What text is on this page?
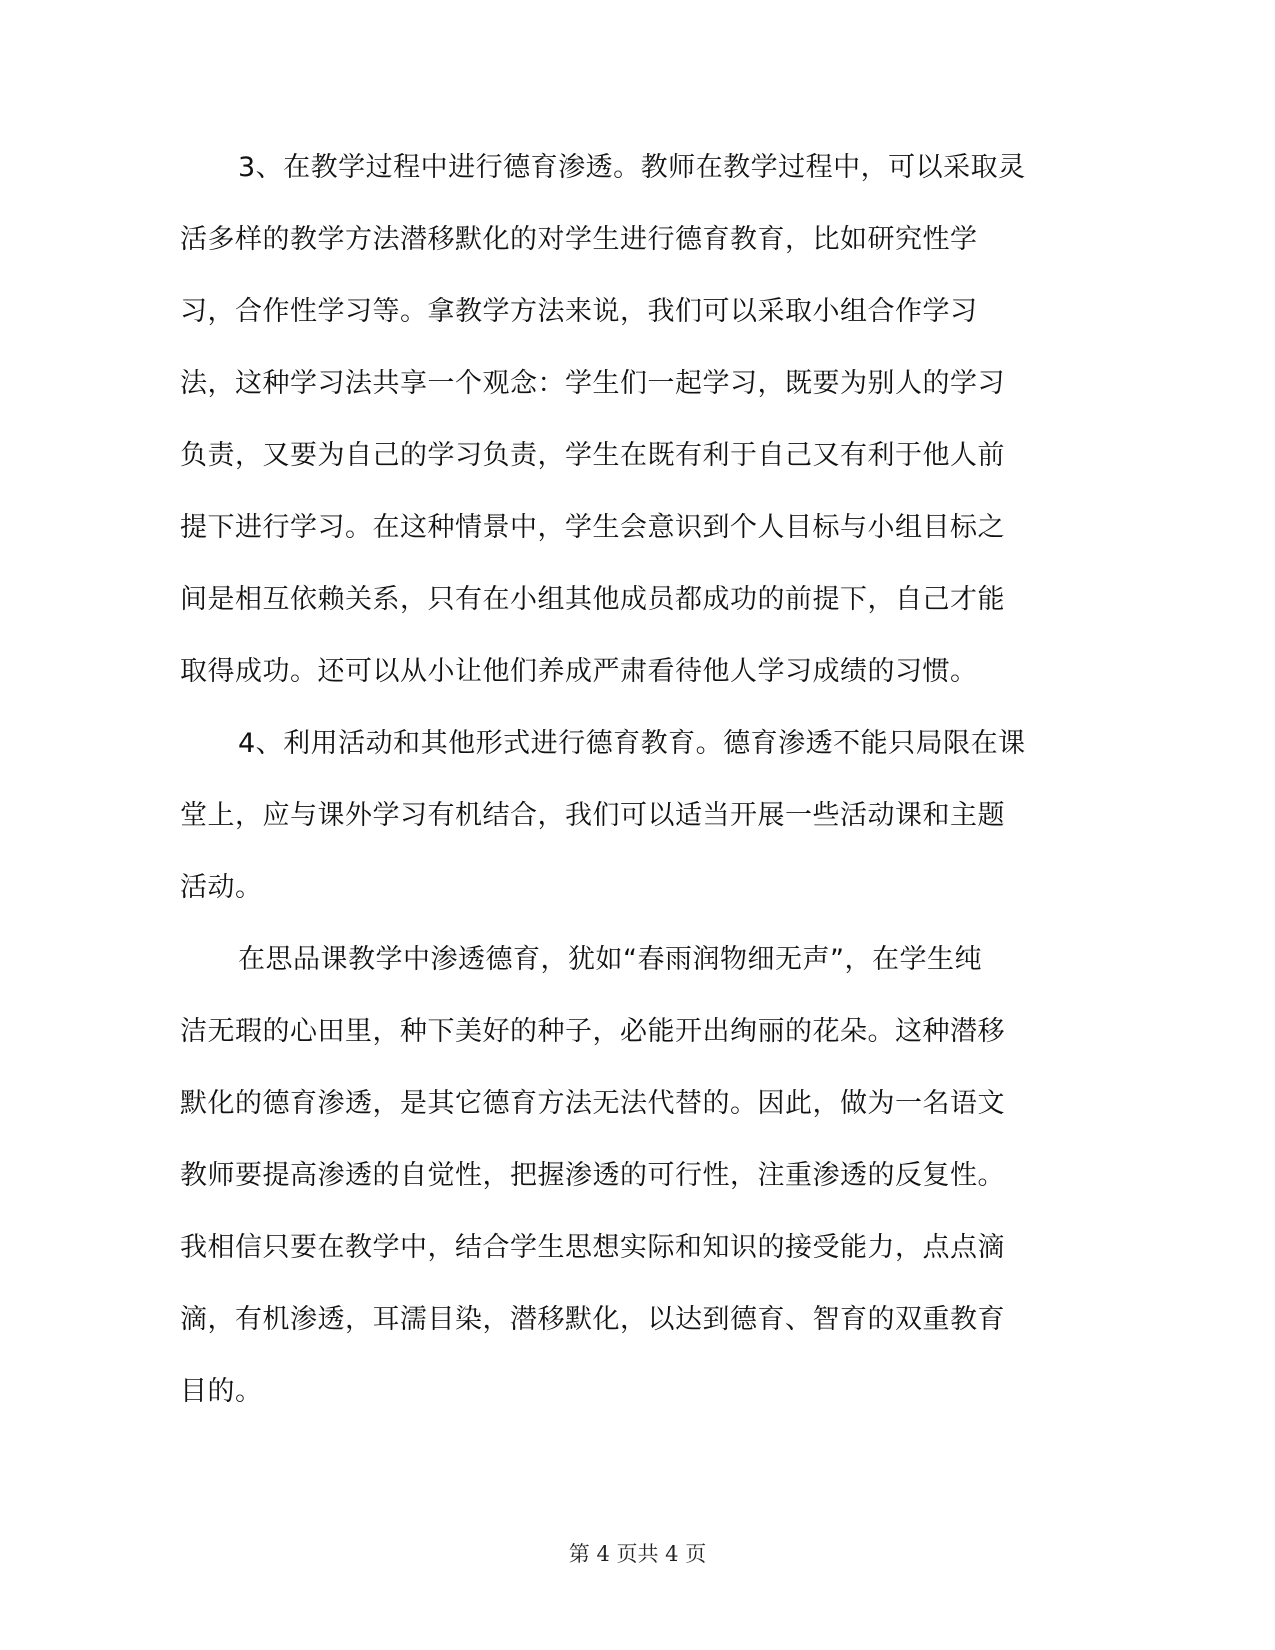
3、在教学过程中进行德育渗透。教师在教学过程中，可以采取灵
活多样的教学方法潜移默化的对学生进行德育教育，比如研究性学
习，合作性学习等。拿教学方法来说，我们可以采取小组合作学习
法，这种学习法共享一个观念：学生们一起学习，既要为别人的学习
负责，又要为自己的学习负责，学生在既有利于自己又有利于他人前
提下进行学习。在这种情景中，学生会意识到个人目标与小组目标之
间是相互依赖关系，只有在小组其他成员都成功的前提下，自己才能
取得成功。还可以从小让他们养成严肃看待他人学习成绩的习惯。
4、利用活动和其他形式进行德育教育。德育渗透不能只局限在课
堂上，应与课外学习有机结合，我们可以适当开展一些活动课和主题
活动。
在思品课教学中渗透德育，犹如“春雨润物细无声”，在学生纯
洁无瑕的心田里，种下美好的种子，必能开出绚丽的花朵。这种潜移
默化的德育渗透，是其它德育方法无法代替的。因此，做为一名语文
教师要提高渗透的自觉性，把握渗透的可行性，注重渗透的反复性。
我相信只要在教学中，结合学生思想实际和知识的接受能力，点点滴
滴，有机渗透，耳濡目染，潜移默化，以达到德育、智育的双重教育
目的。
第 4 页共 4 页
